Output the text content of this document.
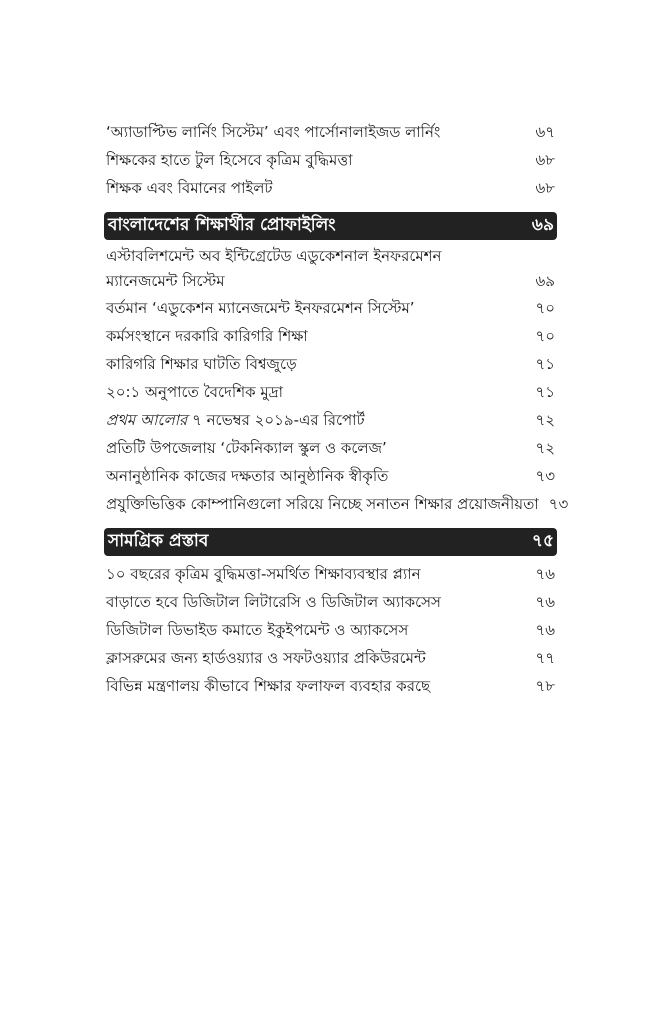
‘অ্যাডাপ্টিভ লার্নিং সিস্টেম’ এবং পার্সোনালাইজড লার্নিং	৬৭
শিক্ষকের হাতে টুল হিসেবে কৃত্রিম বুদ্ধিমত্তা	৬৮
শিক্ষক এবং বিমানের পাইলট	৬৮
বাংলাদেশের শিক্ষার্থীর প্রোফাইলিং	৬৯
এস্টাবলিশমেন্ট অব ইন্টিগ্রেটেড এডুকেশনাল ইনফরমেশন
ম্যানেজমেন্ট সিস্টেম	৬৯
বর্তমান ‘এডুকেশন ম্যানেজমেন্ট ইনফরমেশন সিস্টেম’	৭০
কর্মসংস্থানে দরকারি কারিগরি শিক্ষা	৭০
কারিগরি শিক্ষার ঘাটতি বিশ্বজুড়ে	৭১
২০:১ অনুপাতে বৈদেশিক মুদ্রা	৭১
প্রথম আলোর ৭ নভেম্বর ২০১৯-এর রিপোর্ট	৭২
প্রতিটি উপজেলায় ‘টেকনিক্যাল স্কুল ও কলেজ’	৭২
অনানুষ্ঠানিক কাজের দক্ষতার আনুষ্ঠানিক স্বীকৃতি	৭৩
প্রযুক্তিভিত্তিক কোম্পানিগুলো সরিয়ে নিচ্ছে সনাতন শিক্ষার প্রয়োজনীয়তা ৭৩
সামগ্রিক প্রস্তাব	৭৫
১০ বছরের কৃত্রিম বুদ্ধিমত্তা-সমর্থিত শিক্ষাব্যবস্থার প্ল্যান	৭৬
বাড়াতে হবে ডিজিটাল লিটারেসি ও ডিজিটাল অ্যাকসেস	৭৬
ডিজিটাল ডিভাইড কমাতে ইকুইপমেন্ট ও অ্যাকসেস	৭৬
ক্লাসরুমের জন্য হার্ডওয়্যার ও সফটওয়্যার প্রকিউরমেন্ট	৭৭
বিভিন্ন মন্ত্রণালয় কীভাবে শিক্ষার ফলাফল ব্যবহার করছে	৭৮
